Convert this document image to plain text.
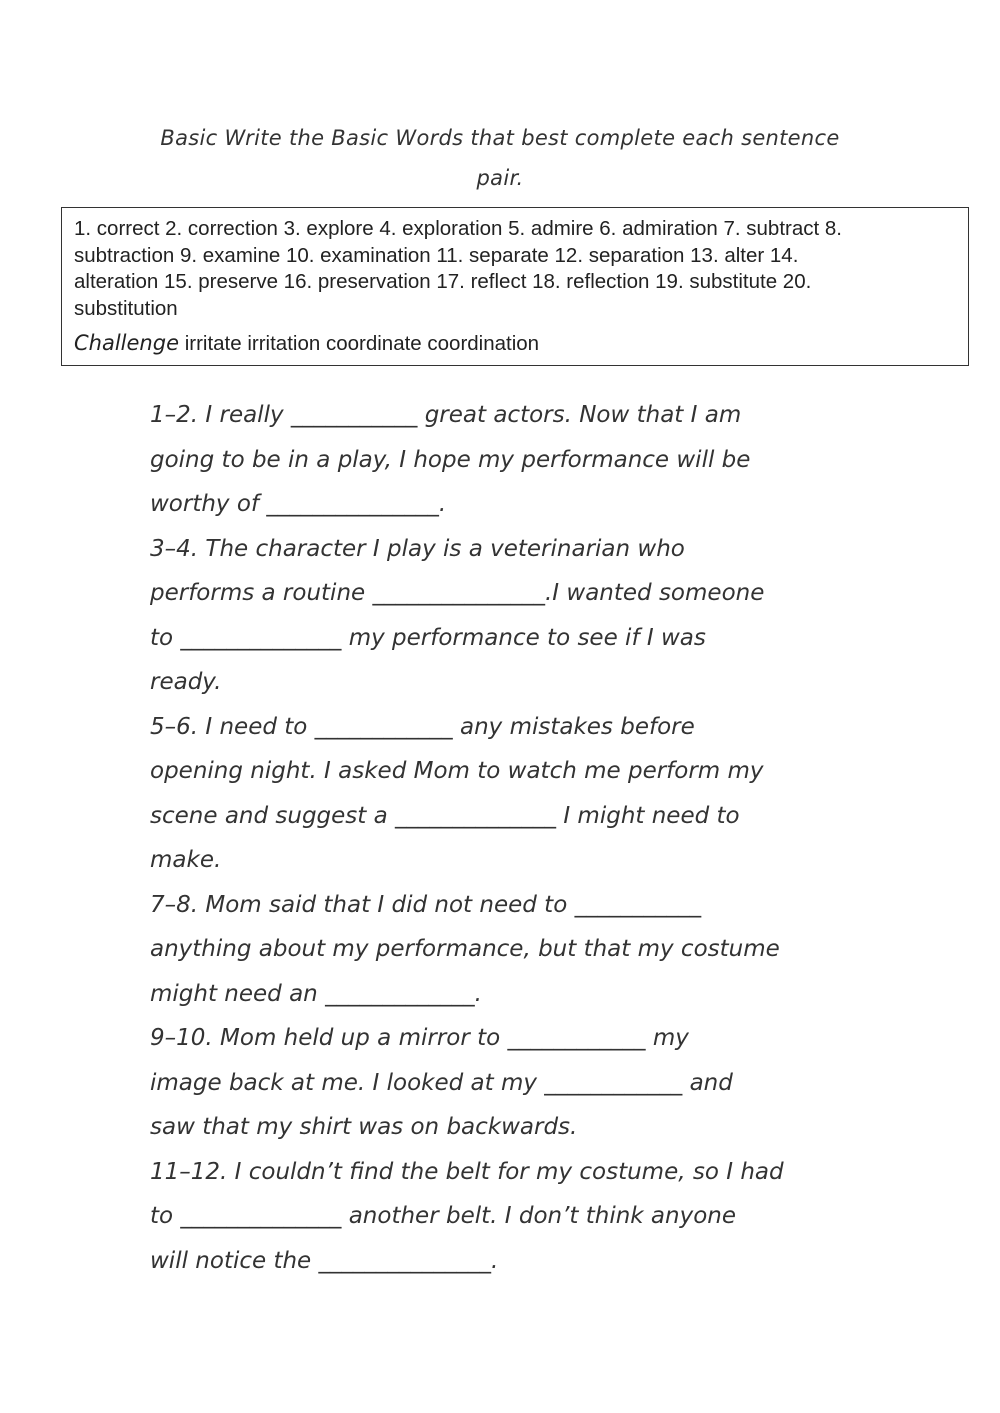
Basic Write the Basic Words that best complete each sentence
pair.
1. correct 2. correction 3. explore 4. exploration 5. admire 6. admiration 7. subtract 8.
subtraction 9. examine 10. examination 11. separate 12. separation 13. alter 14.
alteration 15. preserve 16. preservation 17. reflect 18. reflection 19. substitute 20.
substitution
Challenge irritate irritation coordinate coordination
1–2. I really ___________ great actors. Now that I am
going to be in a play, I hope my performance will be
worthy of _______________.
3–4. The character I play is a veterinarian who
performs a routine _______________.I wanted someone
to ______________ my performance to see if I was
ready.
5–6. I need to ____________ any mistakes before
opening night. I asked Mom to watch me perform my
scene and suggest a ______________ I might need to
make.
7–8. Mom said that I did not need to ___________
anything about my performance, but that my costume
might need an _____________.
9–10. Mom held up a mirror to ____________ my
image back at me. I looked at my ____________ and
saw that my shirt was on backwards.
11–12. I couldn’t find the belt for my costume, so I had
to ______________ another belt. I don’t think anyone
will notice the _______________.
